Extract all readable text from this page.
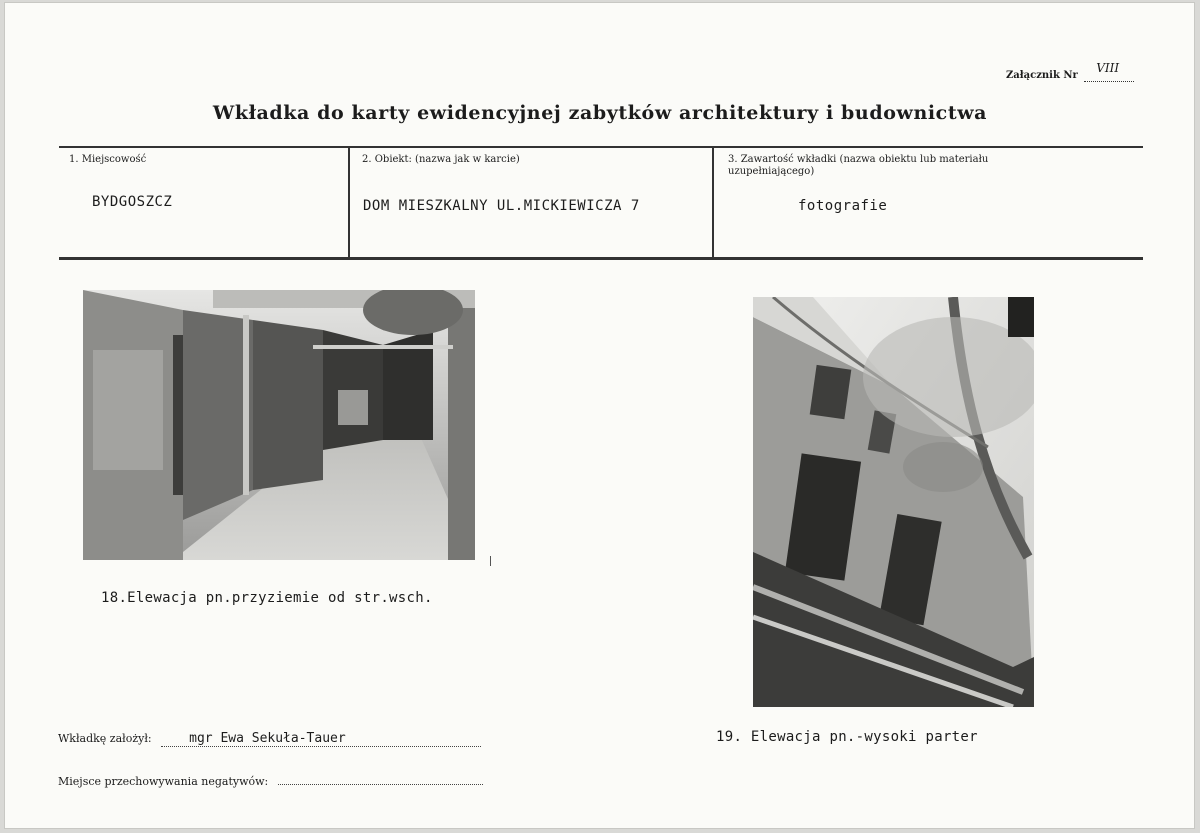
Załącznik Nr
VIII

Wkładka do karty ewidencyjnej zabytków architektury i budownictwa
1. Miejscowość	2. Obiekt: (nazwa jak w karcie)	3. Zawartość wkładki (nazwa obiektu lub materiału uzupełniającego)
BYDGOSZCZ	DOM MIESZKALNY UL.MICKIEWICZA 7	fotografie
18.Elewacja pn.przyziemie od str.wsch.
19. Elewacja pn.-wysoki parter
Wkładkę założył:	mgr Ewa Sekuła-Tauer
Miejsce przechowywania negatywów:
